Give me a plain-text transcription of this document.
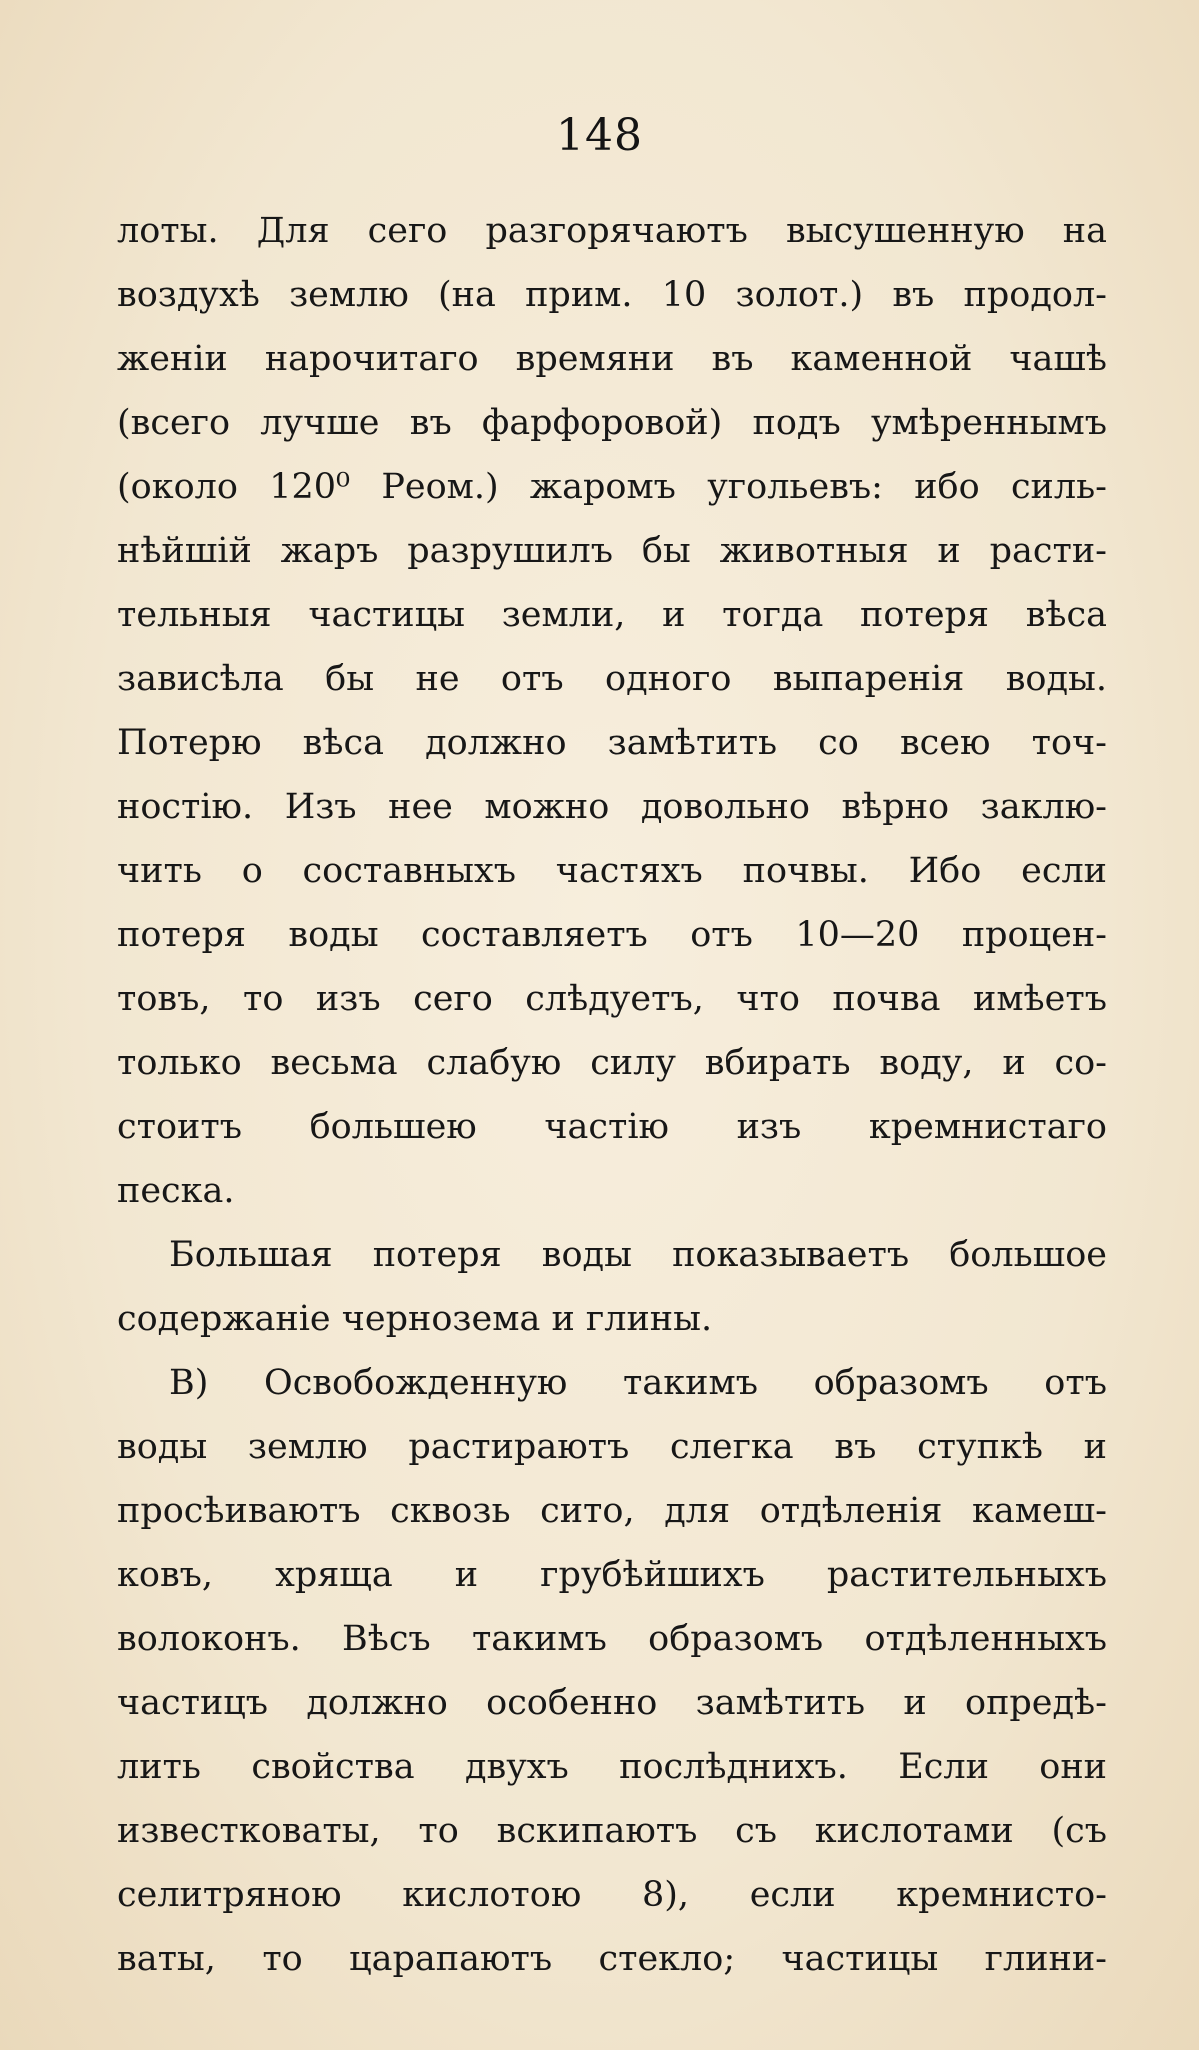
148
лоты. Для сего разгорячаютъ высушенную на
воздухѣ землю (на прим. 10 золот.) въ продол-
женіи нарочитаго времяни въ каменной чашѣ
(всего лучше въ фарфоровой) подъ умѣреннымъ
(около 120⁰ Реом.) жаромъ угольевъ: ибо силь-
нѣйшій жаръ разрушилъ бы животныя и расти-
тельныя частицы земли, и тогда потеря вѣса
зависѣла бы не отъ одного выпаренія воды.
Потерю вѣса должно замѣтить со всею точ-
ностію. Изъ нее можно довольно вѣрно заклю-
чить о составныхъ частяхъ почвы. Ибо если
потеря воды составляетъ отъ 10—20 процен-
товъ, то изъ сего слѣдуетъ, что почва имѣетъ
только весьма слабую силу вбирать воду, и со-
стоитъ большею частію изъ кремнистаго
песка.
Большая потеря воды показываетъ большое
содержаніе чернозема и глины.
В) Освобожденную такимъ образомъ отъ
воды землю растираютъ слегка въ ступкѣ и
просѣиваютъ сквозь сито, для отдѣленія камеш-
ковъ, хряща и грубѣйшихъ растительныхъ
волоконъ. Вѣсъ такимъ образомъ отдѣленныхъ
частицъ должно особенно замѣтить и опредѣ-
лить свойства двухъ послѣднихъ. Если они
известковаты, то вскипаютъ съ кислотами (съ
селитряною кислотою 8), если кремнисто-
ваты, то царапаютъ стекло; частицы глини-
